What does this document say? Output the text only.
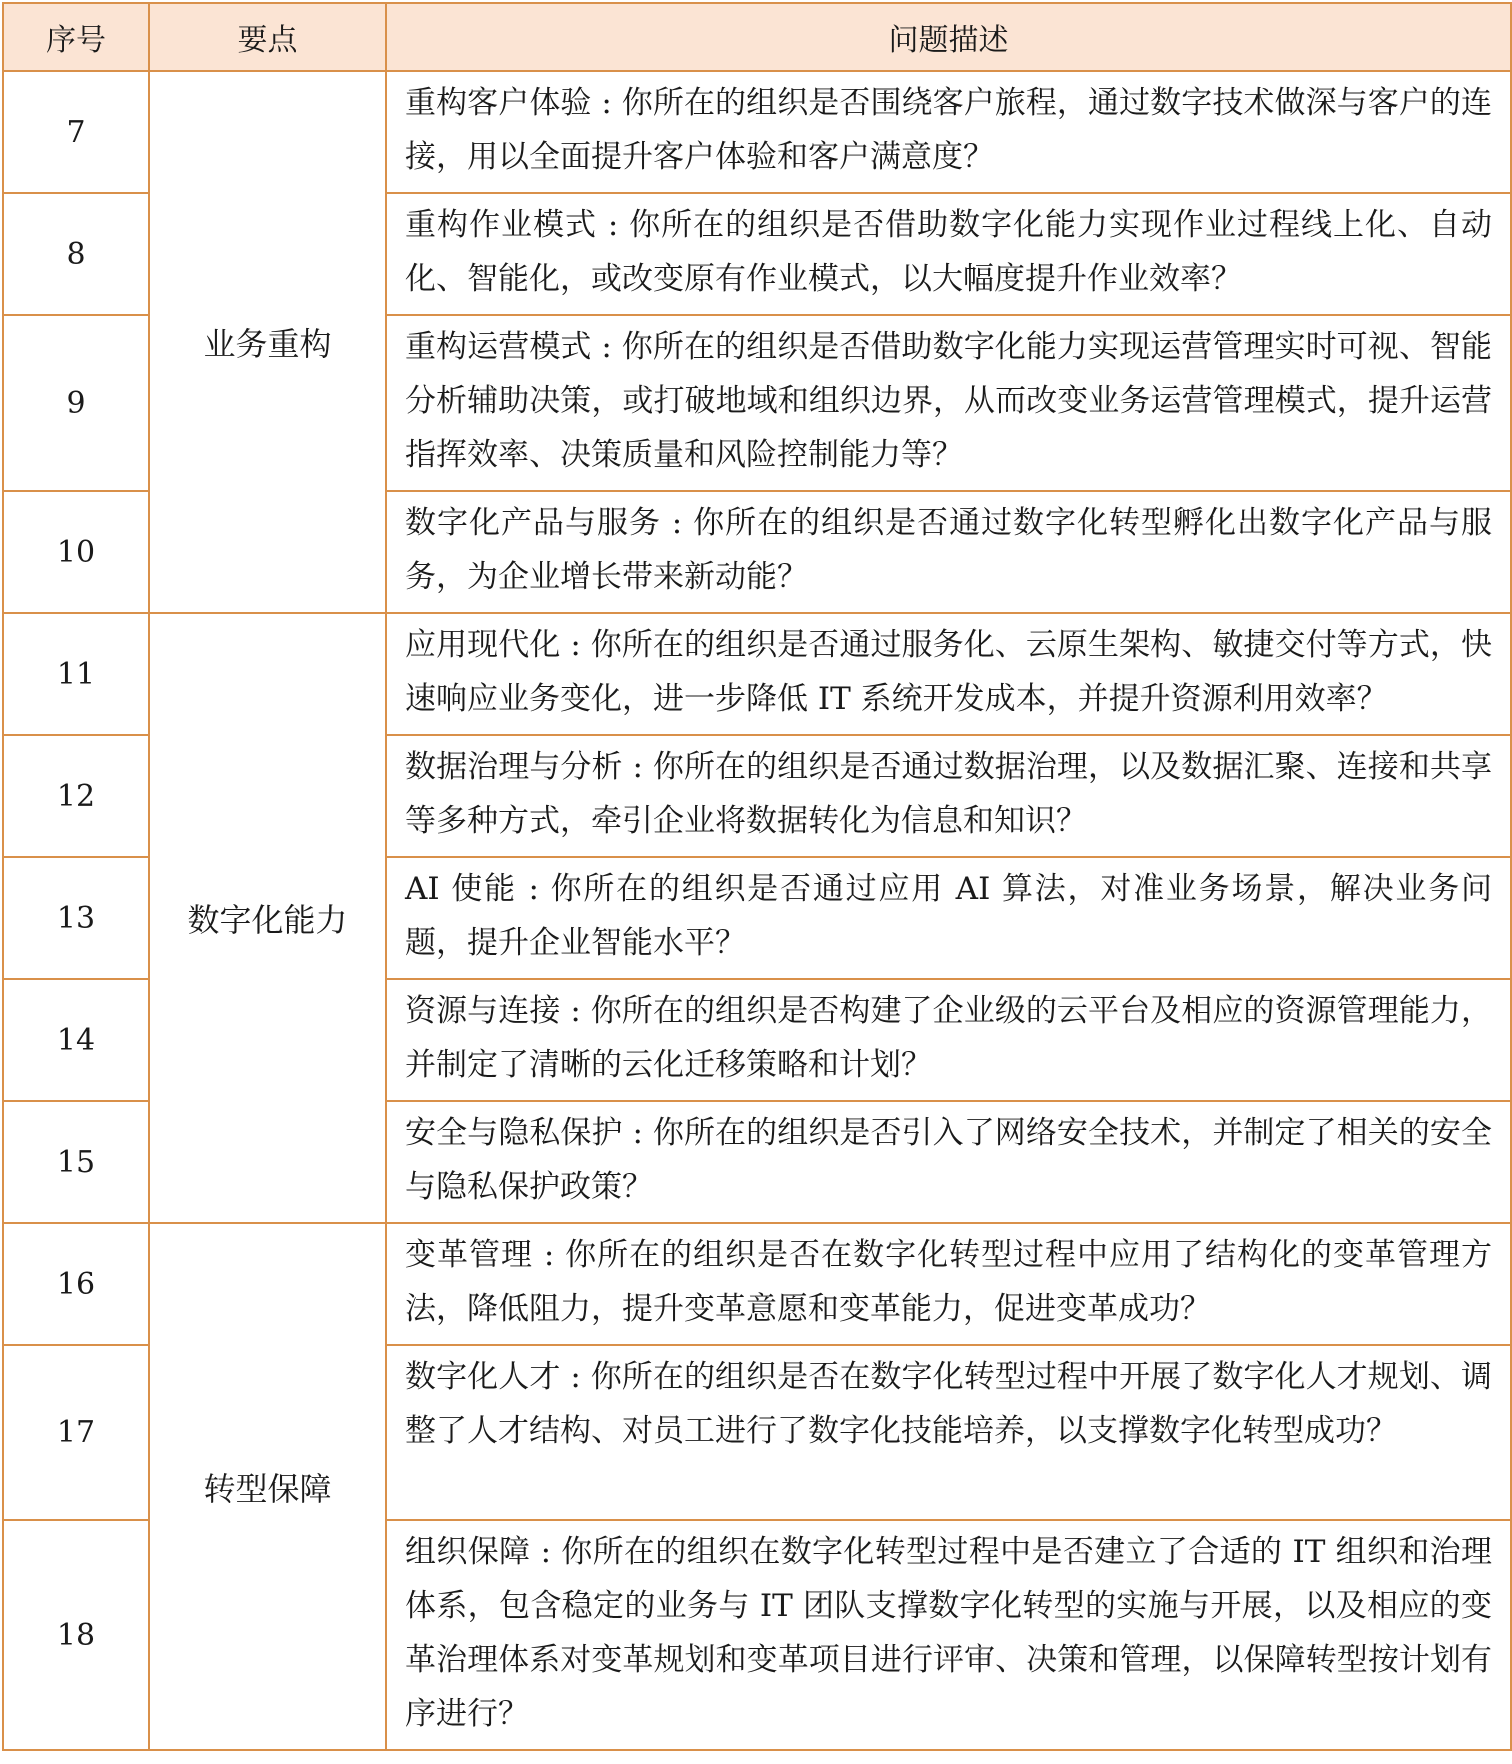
序号	要点	问题描述
7	业务重构	重构客户体验 : 你所在的组织是否围绕客户旅程，通过数字技术做深与客户的连接，用以全面提升客户体验和客户满意度？
8		重构作业模式 : 你所在的组织是否借助数字化能力实现作业过程线上化、自动化、智能化，或改变原有作业模式，以大幅度提升作业效率？
9		重构运营模式 : 你所在的组织是否借助数字化能力实现运营管理实时可视、智能分析辅助决策，或打破地域和组织边界，从而改变业务运营管理模式，提升运营指挥效率、决策质量和风险控制能力等？
10		数字化产品与服务 : 你所在的组织是否通过数字化转型孵化出数字化产品与服务，为企业增长带来新动能？
11	数字化能力	应用现代化 : 你所在的组织是否通过服务化、云原生架构、敏捷交付等方式，快速响应业务变化，进一步降低 IT 系统开发成本，并提升资源利用效率？
12		数据治理与分析 : 你所在的组织是否通过数据治理，以及数据汇聚、连接和共享等多种方式，牵引企业将数据转化为信息和知识？
13		AI 使能 : 你所在的组织是否通过应用 AI 算法，对准业务场景，解决业务问题，提升企业智能水平？
14		资源与连接 : 你所在的组织是否构建了企业级的云平台及相应的资源管理能力，并制定了清晰的云化迁移策略和计划？
15		安全与隐私保护 : 你所在的组织是否引入了网络安全技术，并制定了相关的安全与隐私保护政策？
16	转型保障	变革管理 : 你所在的组织是否在数字化转型过程中应用了结构化的变革管理方法，降低阻力，提升变革意愿和变革能力，促进变革成功？
17		数字化人才 : 你所在的组织是否在数字化转型过程中开展了数字化人才规划、调整了人才结构、对员工进行了数字化技能培养，以支撑数字化转型成功？
18		组织保障 : 你所在的组织在数字化转型过程中是否建立了合适的 IT 组织和治理体系，包含稳定的业务与 IT 团队支撑数字化转型的实施与开展，以及相应的变革治理体系对变革规划和变革项目进行评审、决策和管理，以保障转型按计划有序进行？
